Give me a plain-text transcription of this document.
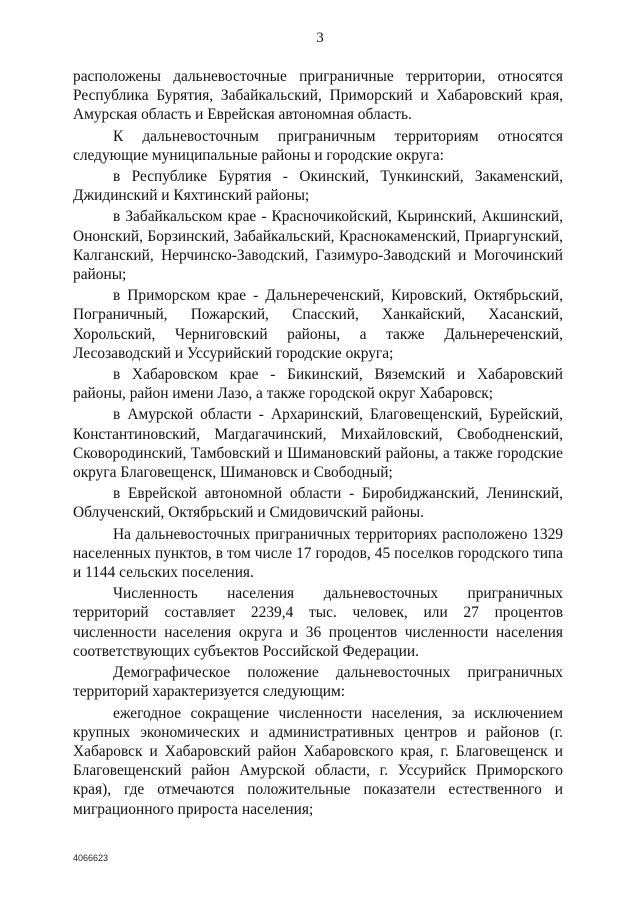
3

расположены дальневосточные приграничные территории, относятся Республика Бурятия, Забайкальский, Приморский и Хабаровский края, Амурская область и Еврейская автономная область.

К дальневосточным приграничным территориям относятся следующие муниципальные районы и городские округа:

в Республике Бурятия - Окинский, Тункинский, Закаменский, Джидинский и Кяхтинский районы;

в Забайкальском крае - Красночикойский, Кыринский, Акшинский, Ононский, Борзинский, Забайкальский, Краснокаменский, Приаргунский, Калганский, Нерчинско-Заводский, Газимуро-Заводский и Могочинский районы;

в Приморском крае - Дальнереченский, Кировский, Октябрьский, Пограничный, Пожарский, Спасский, Ханкайский, Хасанский, Хорольский, Черниговский районы, а также Дальнереченский, Лесозаводский и Уссурийский городские округа;

в Хабаровском крае - Бикинский, Вяземский и Хабаровский районы, район имени Лазо, а также городской округ Хабаровск;

в Амурской области - Архаринский, Благовещенский, Бурейский, Константиновский, Магдагачинский, Михайловский, Свободненский, Сковородинский, Тамбовский и Шимановский районы, а также городские округа Благовещенск, Шимановск и Свободный;

в Еврейской автономной области - Биробиджанский, Ленинский, Облученский, Октябрьский и Смидовичский районы.

На дальневосточных приграничных территориях расположено 1329 населенных пунктов, в том числе 17 городов, 45 поселков городского типа и 1144 сельских поселения.

Численность населения дальневосточных приграничных территорий составляет 2239,4 тыс. человек, или 27 процентов численности населения округа и 36 процентов численности населения соответствующих субъектов Российской Федерации.

Демографическое положение дальневосточных приграничных территорий характеризуется следующим:

ежегодное сокращение численности населения, за исключением крупных экономических и административных центров и районов (г. Хабаровск и Хабаровский район Хабаровского края, г. Благовещенск и Благовещенский район Амурской области, г. Уссурийск Приморского края), где отмечаются положительные показатели естественного и миграционного прироста населения;

4066623
